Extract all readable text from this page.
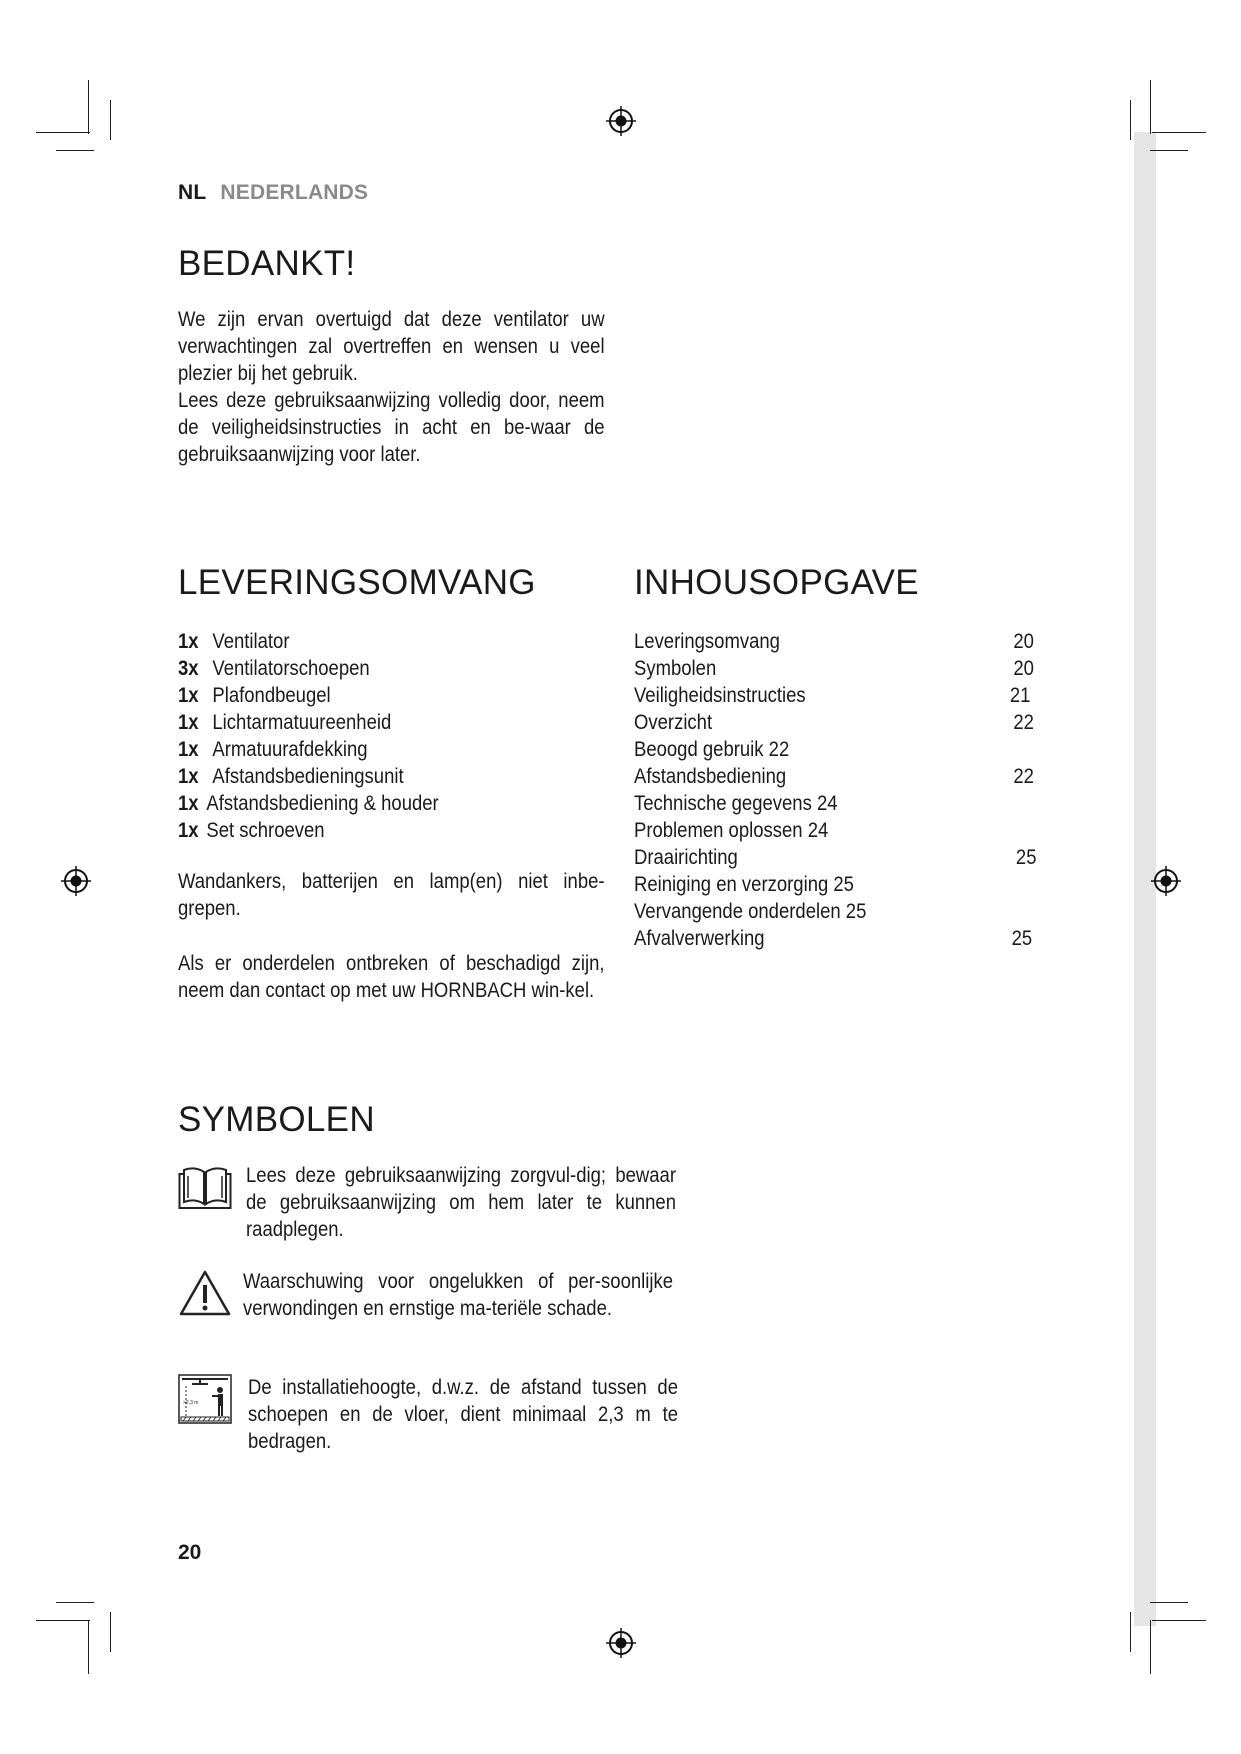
NL NEDERLANDS
BEDANKT!

We zijn ervan overtuigd dat deze ventilator uw verwachtingen zal overtreffen en wensen u veel plezier bij het gebruik.

Lees deze gebruiksaanwijzing volledig door, neem de veiligheidsinstructies in acht en be-waar de gebruiksaanwijzing voor later.

LEVERINGSOMVANG
1x Ventilator
3x Ventilatorschoepen
1x Plafondbeugel
1x Lichtarmatuureenheid
1x Armatuurafdekking
1x Afstandsbedieningsunit
1x Afstandsbediening & houder
1x Set schroeven
Wandankers, batterijen en lamp(en) niet inbe-grepen.
Als er onderdelen ontbreken of beschadigd zijn, neem dan contact op met uw HORNBACH win-kel.
INHOUSOPGAVE
Leveringsomvang	20
Symbolen	20
Veiligheidsinstructies	21
Overzicht	22
Beoogd gebruik 22
Afstandsbediening	22
Technische gegevens 24
Problemen oplossen 24
Draairichting	25
Reiniging en verzorging 25
Vervangende onderdelen 25
Afvalverwerking	25
SYMBOLEN
Lees deze gebruiksaanwijzing zorgvul-dig; bewaar de gebruiksaanwijzing om hem later te kunnen raadplegen.
Waarschuwing voor ongelukken of per-soonlijke verwondingen en ernstige ma-teriële schade.
>2,3 m
De installatiehoogte, d.w.z. de afstand tussen de schoepen en de vloer, dient minimaal 2,3 m te bedragen.
20
